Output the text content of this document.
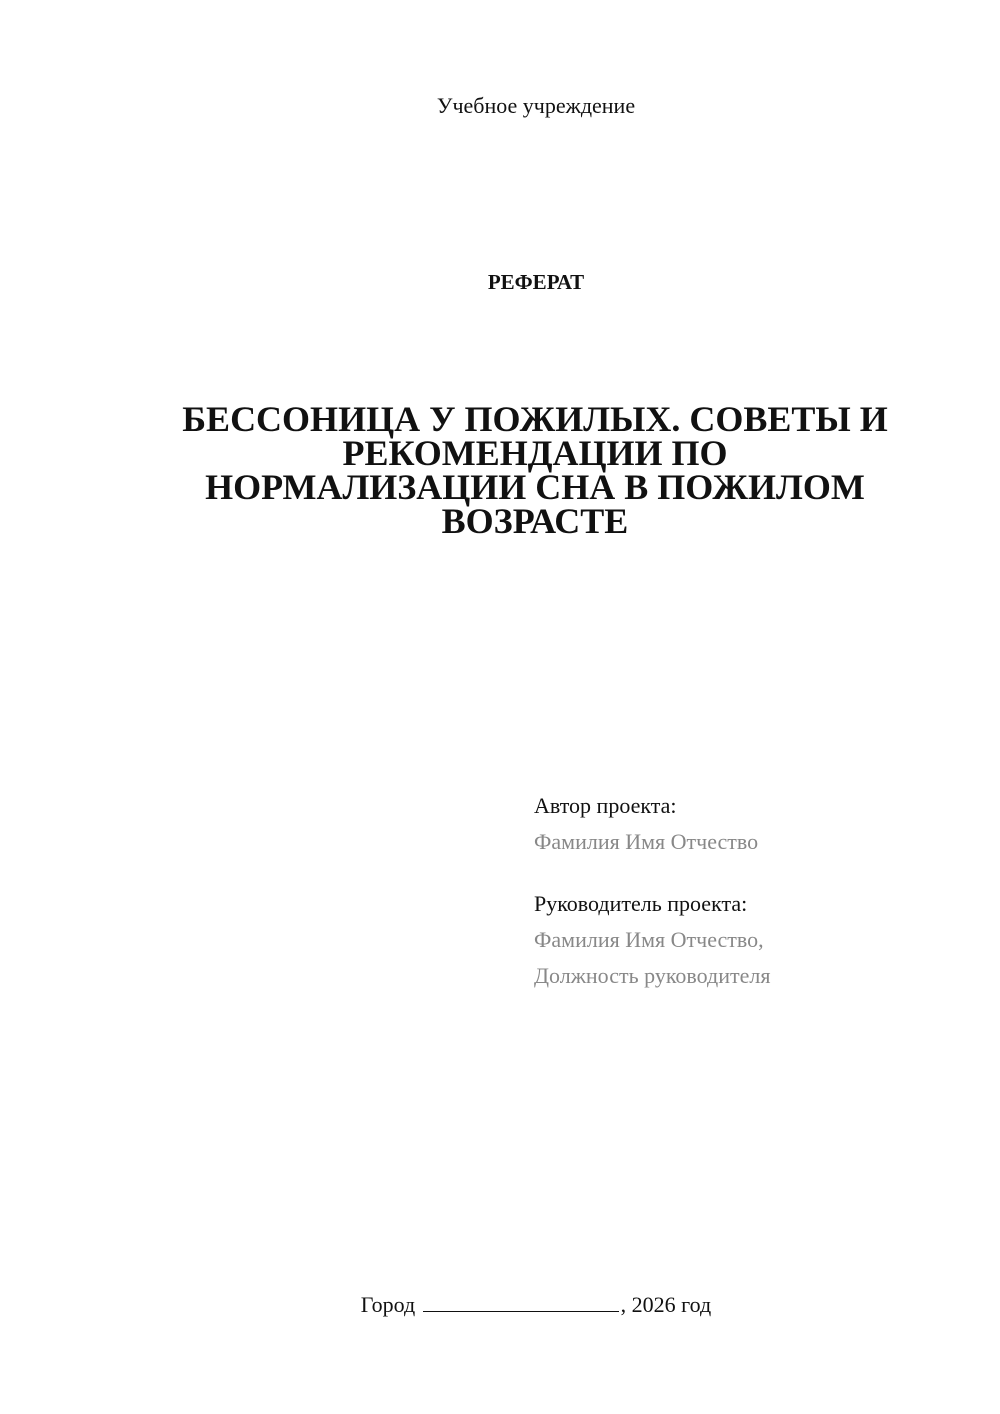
Учебное учреждение
РЕФЕРАТ
БЕССОНИЦА У ПОЖИЛЫХ. СОВЕТЫ И
РЕКОМЕНДАЦИИ ПО
НОРМАЛИЗАЦИИ СНА В ПОЖИЛОМ
ВОЗРАСТЕ
Автор проекта:
Фамилия Имя Отчество
Руководитель проекта:
Фамилия Имя Отчество,
Должность руководителя
Город	, 2026 год
